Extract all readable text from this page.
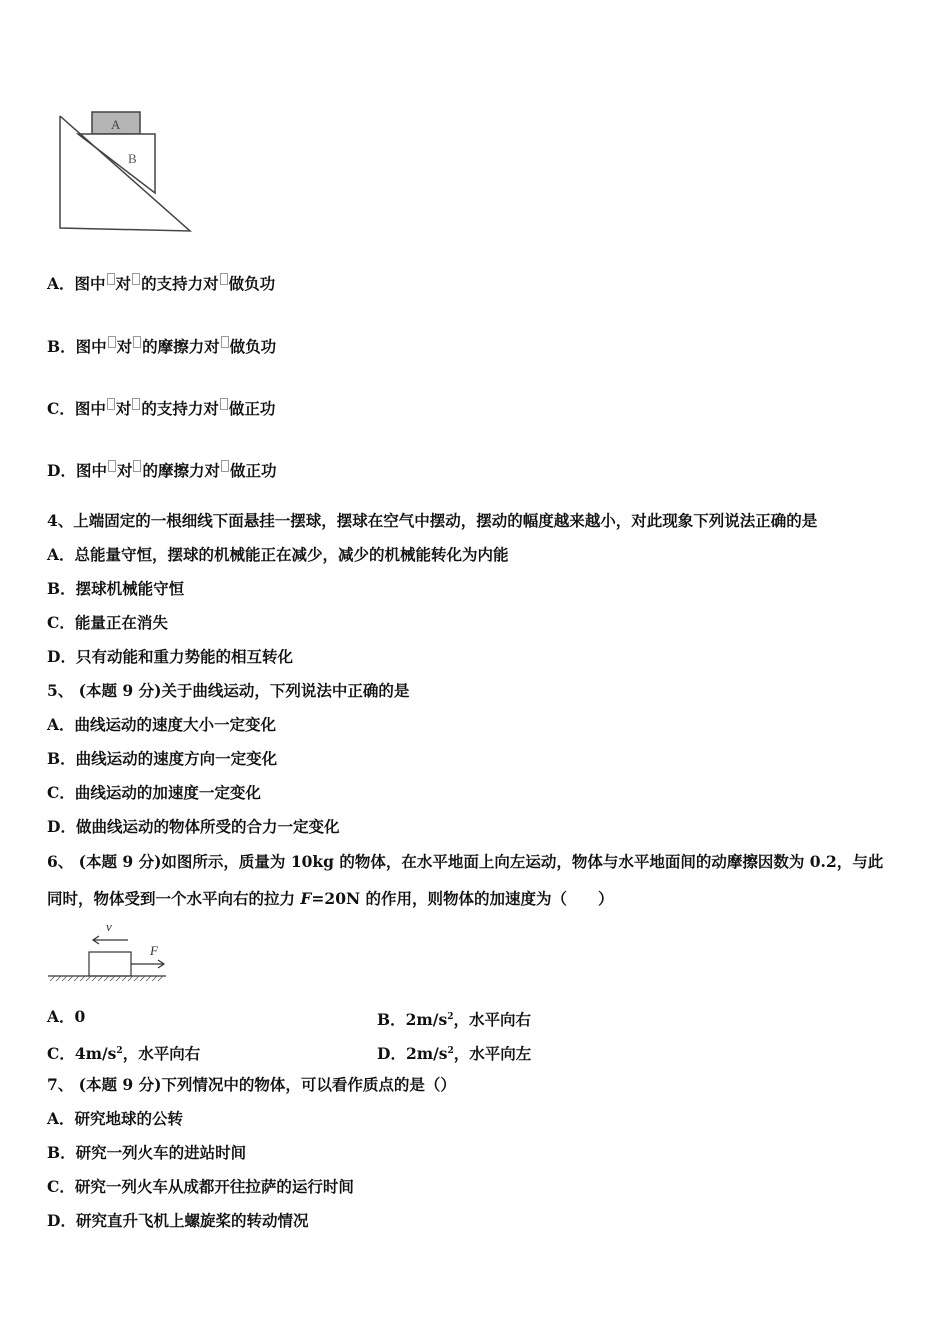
A
B
A．图中 对 的支持力对 做负功
B．图中 对 的摩擦力对 做负功
C．图中 对 的支持力对 做正功
D．图中 对 的摩擦力对 做正功
4、上端固定的一根细线下面悬挂一摆球，摆球在空气中摆动，摆动的幅度越来越小，对此现象下列说法正确的是
A．总能量守恒，摆球的机械能正在减少，减少的机械能转化为内能
B．摆球机械能守恒
C．能量正在消失
D．只有动能和重力势能的相互转化
5、 (本题 9 分)关于曲线运动，下列说法中正确的是
A．曲线运动的速度大小一定变化
B．曲线运动的速度方向一定变化
C．曲线运动的加速度一定变化
D．做曲线运动的物体所受的合力一定变化
6、 (本题 9 分)如图所示，质量为 10kg 的物体，在水平地面上向左运动，物体与水平地面间的动摩擦因数为 0.2，与此
同时，物体受到一个水平向右的拉力 F=20N 的作用，则物体的加速度为（　　）
v
F
A．0	B．$2m/s^2$，水平向右
C．$4m/s^2$，水平向右	D．$2m/s^2$，水平向左
7、 (本题 9 分)下列情况中的物体，可以看作质点的是（）
A．研究地球的公转
B．研究一列火车的进站时间
C．研究一列火车从成都开往拉萨的运行时间
D．研究直升飞机上螺旋桨的转动情况
